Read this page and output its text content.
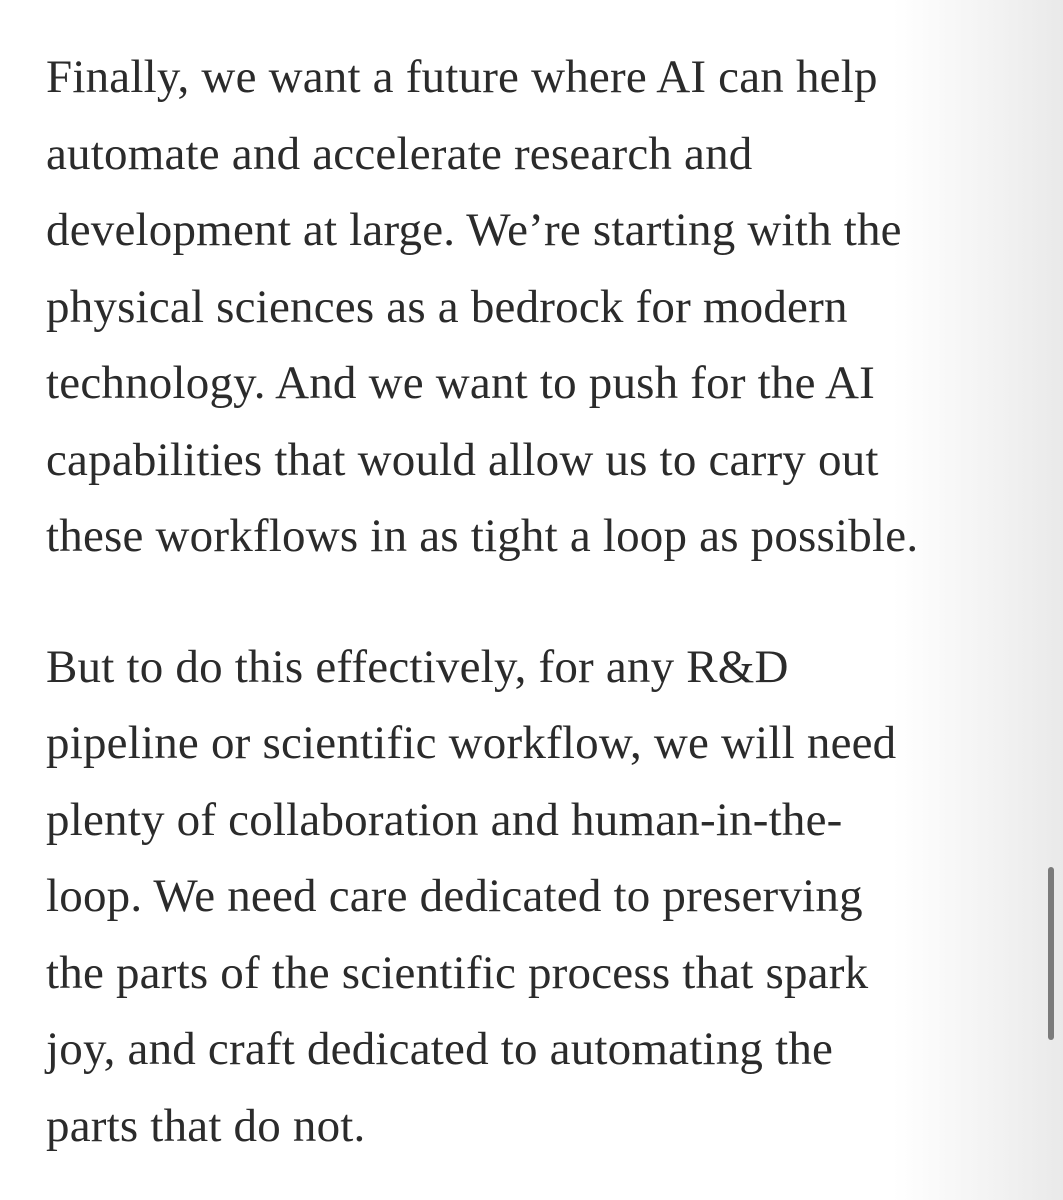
Finally, we want a future where AI can help
automate and accelerate research and
development at large. We’re starting with the
physical sciences as a bedrock for modern
technology. And we want to push for the AI
capabilities that would allow us to carry out
these workflows in as tight a loop as possible.

But to do this effectively, for any R&D
pipeline or scientific workflow, we will need
plenty of collaboration and human-in-the-
loop. We need care dedicated to preserving
the parts of the scientific process that spark
joy, and craft dedicated to automating the
parts that do not.
